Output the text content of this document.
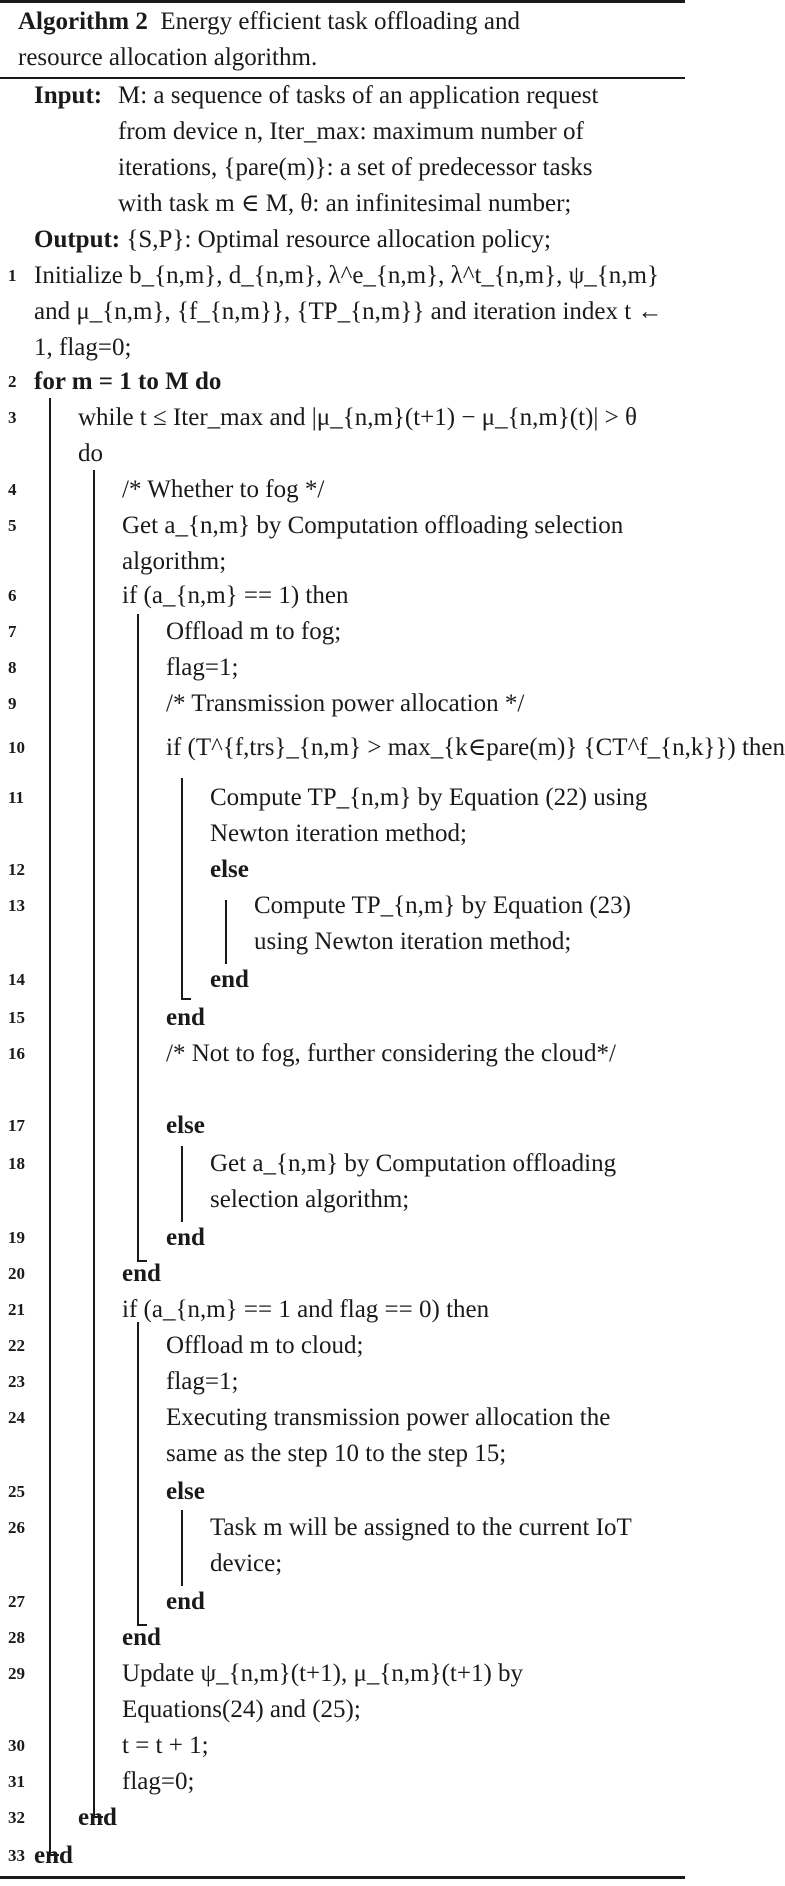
Algorithm 2 Energy efficient task offloading and
resource allocation algorithm.
Input: M: a sequence of tasks of an application request
from device n, Iter_max: maximum number of
iterations, {pare(m)}: a set of predecessor tasks
with task m ∈ M, θ: an infinitesimal number;
Output: {S,P}: Optimal resource allocation policy;
1 Initialize b_{n,m}, d_{n,m}, λ^e_{n,m}, λ^t_{n,m}, ψ_{n,m} and μ_{n,m}, {f_{n,m}}, {TP_{n,m}} and iteration index t ← 1, flag=0;
2 for m = 1 to M do
3	while t ≤ Iter_max and |μ_{n,m}(t+1) − μ_{n,m}(t)| > θ do
4	/* Whether to fog */
5	Get a_{n,m} by Computation offloading selection algorithm;
6	if (a_{n,m} == 1) then
7	Offload m to fog;
8	flag=1;
9	/* Transmission power allocation */
10	if (T^{f,trs}_{n,m} > max_{k∈pare(m)} {CT^f_{n,k}}) then
11	Compute TP_{n,m} by Equation (22) using Newton iteration method;
12	else
13	Compute TP_{n,m} by Equation (23) using Newton iteration method;
14	end
15	end
16	/* Not to fog, further considering the cloud*/
17	else
18	Get a_{n,m} by Computation offloading selection algorithm;
19	end
20	end
21	if (a_{n,m} == 1 and flag == 0) then
22	Offload m to cloud;
23	flag=1;
24	Executing transmission power allocation the same as the step 10 to the step 15;
25	else
26	Task m will be assigned to the current IoT device;
27	end
28	end
29	Update ψ_{n,m}(t+1), μ_{n,m}(t+1) by Equations(24) and (25);
30	t = t + 1;
31	flag=0;
32 end
33 end
